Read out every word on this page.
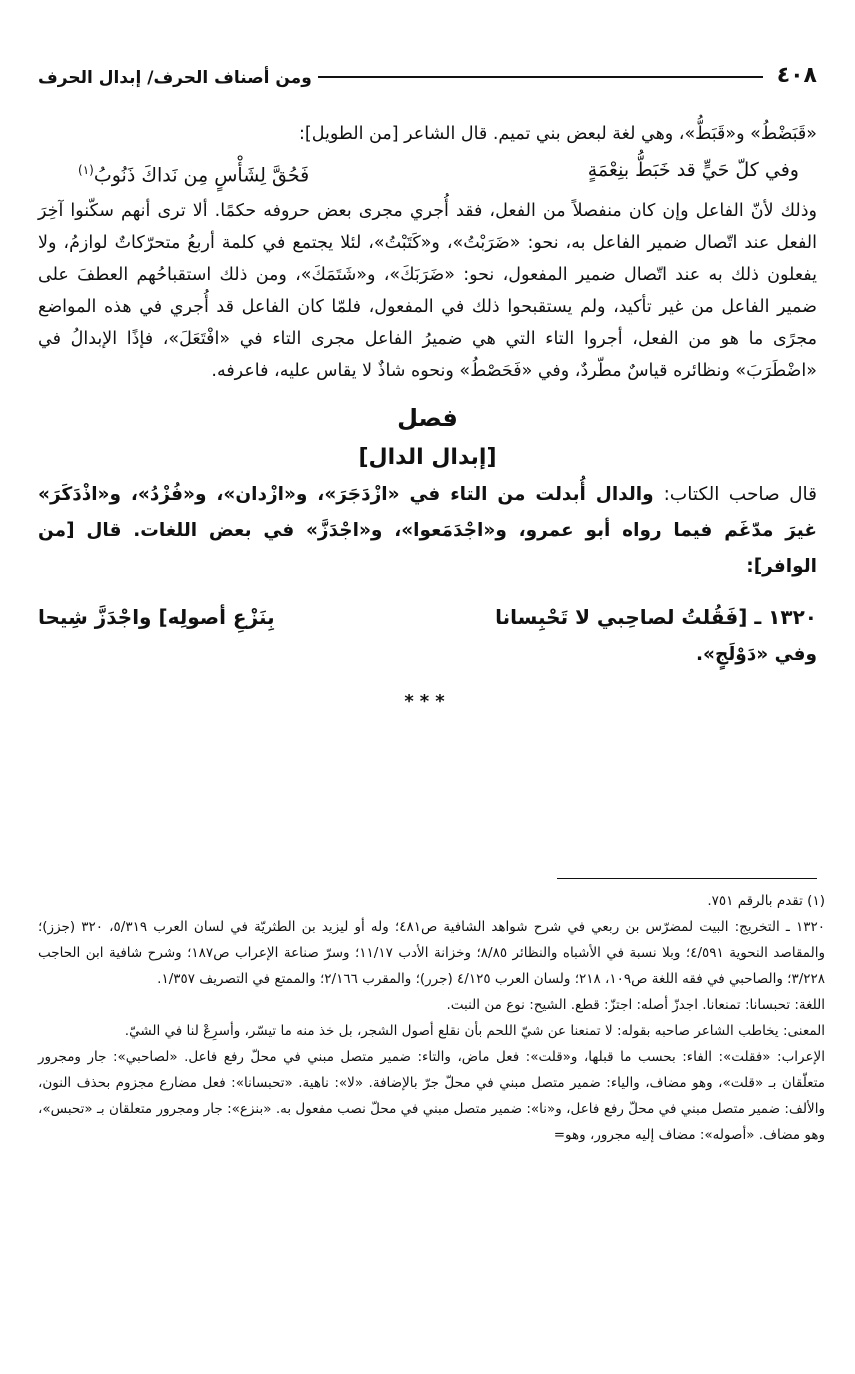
٤٠٨
ومن أصناف الحرف/ إبدال الحرف

«قَبَضْطُ» و«قَبَطُّ»، وهي لغة لبعض بني تميم. قال الشاعر [من الطويل]:

وفي كلّ حَيٍّ قد خَبَطُّ بنِعْمَةٍ
فَحُقَّ لِشَأْسٍ مِن نَداكَ ذَنُوبُ$^{(١)}$

وذلك لأنّ الفاعل وإن كان منفصلاً من الفعل، فقد أُجري مجرى بعض حروفه حكمًا. ألا ترى أنهم سكّنوا آخِرَ الفعل عند اتّصال ضمير الفاعل به، نحو: «ضَرَبْتُ»، و«كَتَبْتُ»، لئلا يجتمع في كلمة أربعُ متحرّكاتٌ لوازمُ، ولا يفعلون ذلك به عند اتّصال ضمير المفعول، نحو: «ضَرَبَكَ»، و«شَتَمَكَ»، ومن ذلك استقباحُهم العطفَ على ضمير الفاعل من غير تأكيد، ولم يستقبحوا ذلك في المفعول، فلمّا كان الفاعل قد أُجري في هذه المواضع مجرًى ما هو من الفعل، أجروا التاء التي هي ضميرُ الفاعل مجرى التاء في «افْتَعَلَ»، فإذًا الإبدالُ في «اضْطَرَبَ» ونظائره قياسٌ مطّردٌ، وفي «فَحَصْطُ» ونحوه شاذٌ لا يقاس عليه، فاعرفه.

فصل
[إبدال الدال]

قال صاحب الكتاب: والدال أُبدلت من التاء في «ازْدَجَرَ»، و«ازْدان»، و«فُزْدُ»، و«اذْدَكَرَ» غيرَ مدّغَم فيما رواه أبو عمرو، و«اجْدَمَعوا»، و«اجْدَزَّ» في بعض اللغات. قال [من الوافر]:

١٣٢٠ ـ [فَقُلتُ لصاحِبي لا تَحْبِسانا
بِنَزْعِ أصولِه] واجْدَزَّ شِيحا

وفي «دَوْلَجٍ».

***

(١) تقدم بالرقم ٧٥١.

١٣٢٠ ـ التخريج: البيت لمضرّس بن ربعي في شرح شواهد الشافية ص٤٨١؛ وله أو ليزيد بن الطثريّة في لسان العرب ٥/٣١٩، ٣٢٠ (جزز)؛ والمقاصد النحوية ٤/٥٩١؛ وبلا نسبة في الأشباه والنظائر ٨/٨٥؛ وخزانة الأدب ١١/١٧؛ وسرّ صناعة الإعراب ص١٨٧؛ وشرح شافية ابن الحاجب ٣/٢٢٨؛ والصاحبي في فقه اللغة ص١٠٩، ٢١٨؛ ولسان العرب ٤/١٢٥ (جرر)؛ والمقرب ٢/١٦٦؛ والممتع في التصريف ١/٣٥٧.

اللغة: تحبسانا: تمنعانا. اجدزّ أصله: اجتزّ: قطع. الشيح: نوع من النبت.

المعنى: يخاطب الشاعر صاحبه بقوله: لا تمنعنا عن شيّ اللحم بأن نقلع أصول الشجر، بل خذ منه ما تيسّر، وأسرِعْ لنا في الشيّ.

الإعراب: «فقلت»: الفاء: بحسب ما قبلها، و«قلت»: فعل ماض، والتاء: ضمير متصل مبني في محلّ رفع فاعل. «لصاحبي»: جار ومجرور متعلّقان بـ «قلت»، وهو مضاف، والياء: ضمير متصل مبني في محلّ جرّ بالإضافة. «لا»: ناهية. «تحبسانا»: فعل مضارع مجزوم بحذف النون، والألف: ضمير متصل مبني في محلّ رفع فاعل، و«نا»: ضمير متصل مبني في محلّ نصب مفعول به. «بنزع»: جار ومجرور متعلقان بـ «تحبس»، وهو مضاف. «أصوله»: مضاف إليه مجرور، وهو=
